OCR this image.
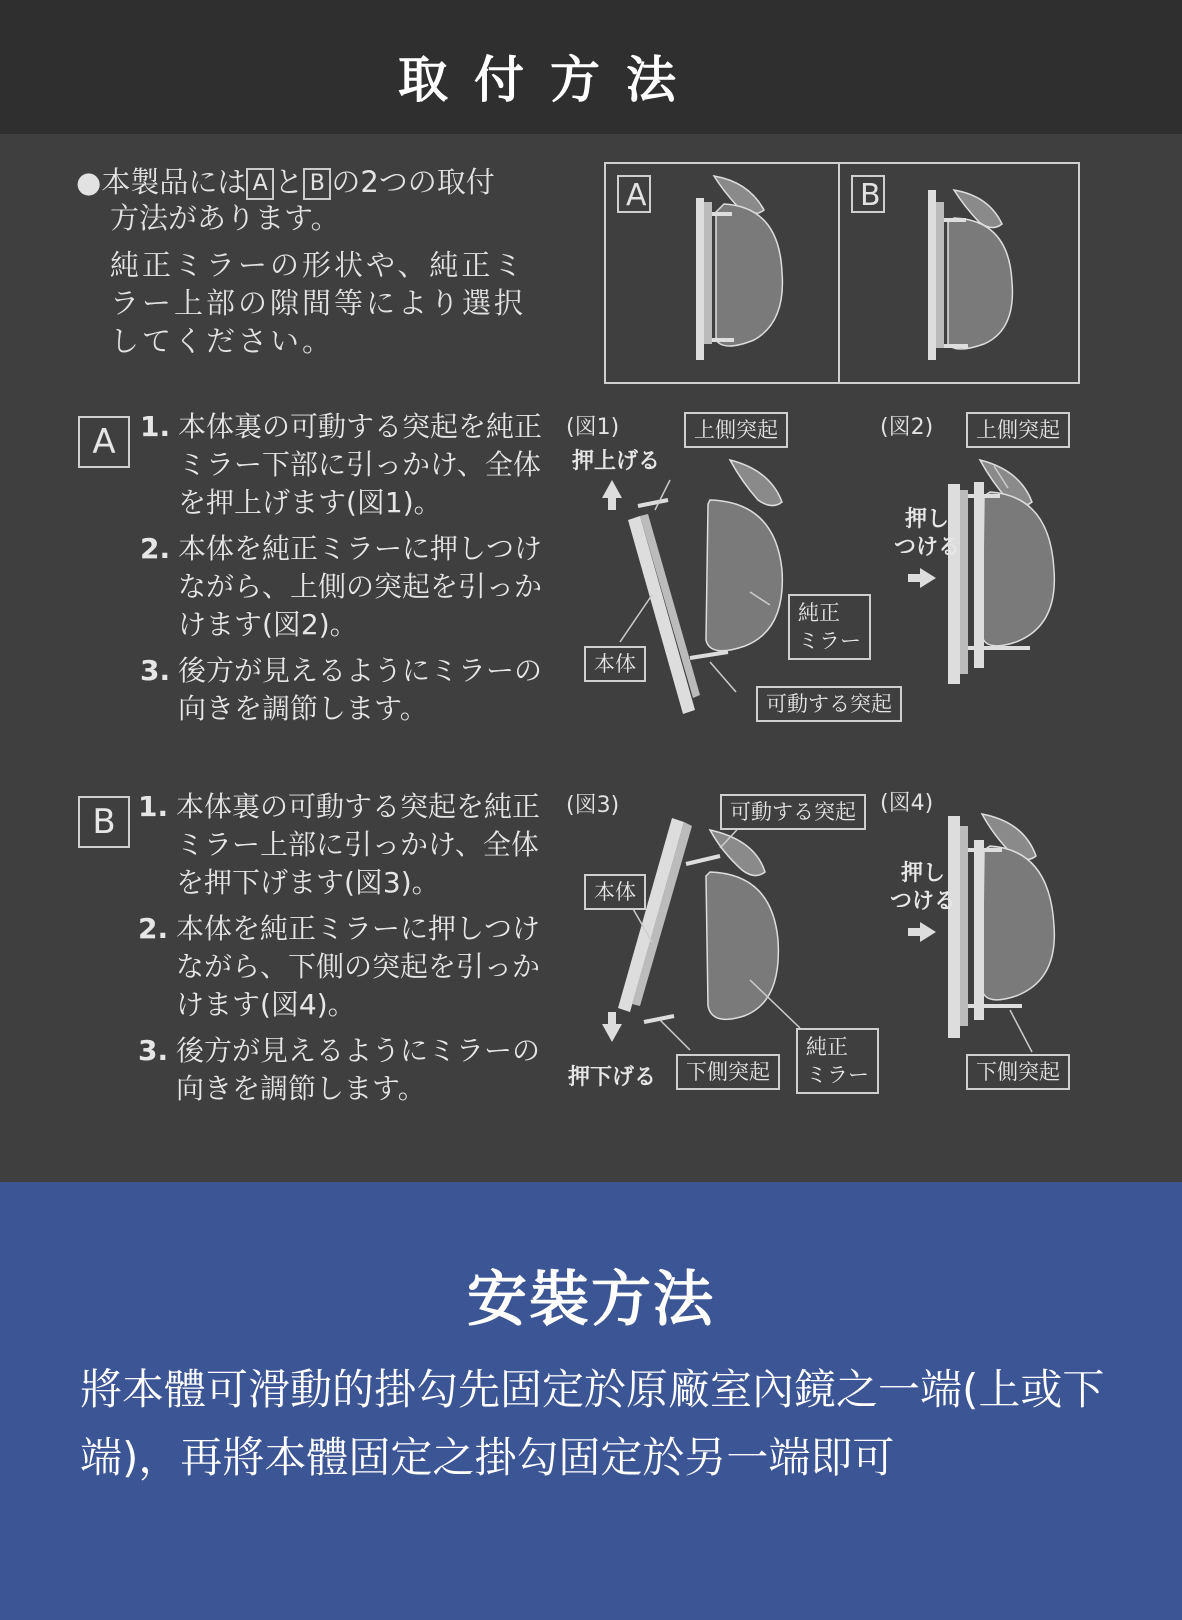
取付方法
●本製品には A と B の2つの取付
方法があります。
純正ミラーの形状や、純正ミラー上部の隙間等により選択してください。
A	B
A 1. 本体裏の可動する突起を純正ミラー下部に引っかけ、全体を押上げます(図1)。
2. 本体を純正ミラーに押しつけながら、上側の突起を引っかけます(図2)。
3. 後方が見えるようにミラーの向きを調節します。
(図1)
押上げる
上側突起
本体
純正
ミラー
可動する突起
(図2)	上側突起
押し
つける
B 1. 本体裏の可動する突起を純正ミラー上部に引っかけ、全体を押下げます(図3)。
2. 本体を純正ミラーに押しつけながら、下側の突起を引っかけます(図4)。
3. 後方が見えるようにミラーの向きを調節します。
(図3)	可動する突起
本体
押下げる	下側突起
純正
ミラー
(図4)
押し
つける
下側突起
安裝方法

將本體可滑動的掛勾先固定於原廠室內鏡之一端(上或下端)，再將本體固定之掛勾固定於另一端即可
